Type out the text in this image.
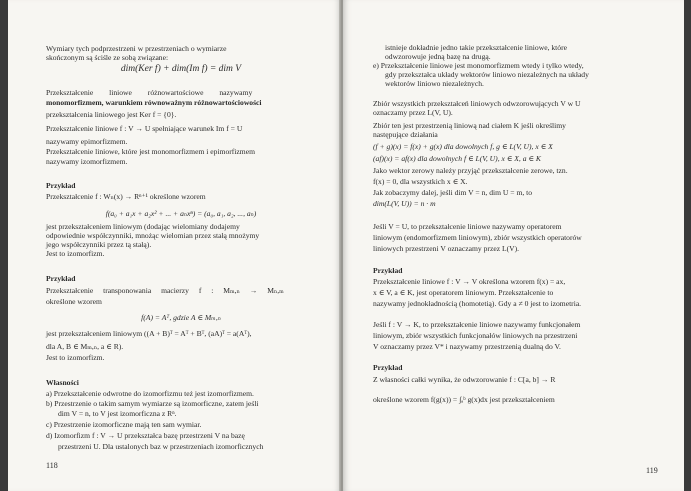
Wymiary tych podprzestrzeni w przestrzeniach o wymiarze
skończonym są ściśle ze sobą związane:
dim(Ker f) + dim(Im f) = dim V
Przekształcenie liniowe różnowartościowe nazywamy
monomorfizmem, warunkiem równoważnym różnowartościowości
przekształcenia liniowego jest Ker f = {0}.
Przekształcenie liniowe f : V → U spełniające warunek Im f = U
nazywamy epimorfizmem.
Przekształcenie liniowe, które jest monomorfizmem i epimorfizmem
nazywamy izomorfizmem.
Przykład
Przekształcenie f : Wₙ(x) → Rⁿ⁺¹ określone wzorem
f(a₀ + a₁x + a₂x² + ... + aₙxⁿ) = (a₀, a₁, a₂, ..., aₙ)
jest przekształceniem liniowym (dodając wielomiany dodajemy
odpowiednie współczynniki, mnożąc wielomian przez stałą mnożymy
jego współczynniki przez tą stałą).
Jest to izomorfizm.
Przykład
Przekształcenie transponowania macierzy f : Mₘ,ₙ → Mₙ,ₘ
określone wzorem
f(A) = Aᵀ, gdzie A ∈ Mₘ,ₙ
jest przekształceniem liniowym ((A + B)ᵀ = Aᵀ + Bᵀ, (aA)ᵀ = a(Aᵀ),
dla A, B ∈ Mₘ,ₙ, a ∈ R).
Jest to izomorfizm.
Własności
a) Przekształcenie odwrotne do izomorfizmu też jest izomorfizmem.
b) Przestrzenie o takim samym wymiarze są izomorficzne, zatem jeśli
dim V = n, to V jest izomorficzna z Rⁿ.
c) Przestrzenie izomorficzne mają ten sam wymiar.
d) Izomorfizm f : V → U przekształca bazę przestrzeni V na bazę
przestrzeni U. Dla ustalonych baz w przestrzeniach izomorficznych
118
istnieje dokładnie jedno takie przekształcenie liniowe, które
odwzorowuje jedną bazę na drugą.
e) Przekształcenie liniowe jest monomorfizmem wtedy i tylko wtedy,
gdy przekształca układy wektorów liniowo niezależnych na układy
wektorów liniowo niezależnych.
Zbiór wszystkich przekształceń liniowych odwzorowujących V w U
oznaczamy przez L(V, U).
Zbiór ten jest przestrzenią liniową nad ciałem K jeśli określimy
następujące działania
(f + g)(x) = f(x) + g(x) dla dowolnych f, g ∈ L(V, U), x ∈ X
(af)(x) = af(x) dla dowolnych f ∈ L(V, U), x ∈ X, a ∈ K
Jako wektor zerowy należy przyjąć przekształcenie zerowe, tzn.
f(x) = 0, dla wszystkich x ∈ X.
Jak zobaczymy dalej, jeśli dim V = n, dim U = m, to
dim(L(V, U)) = n · m
Jeśli V = U, to przekształcenie liniowe nazywamy operatorem
liniowym (endomorfizmem liniowym), zbiór wszystkich operatorów
liniowych przestrzeni V oznaczamy przez L(V).
Przykład
Przekształcenie liniowe f : V → V określona wzorem f(x) = ax,
x ∈ V, a ∈ K, jest operatorem liniowym. Przekształcenie to
nazywamy jednokładnością (homotetią). Gdy a ≠ 0 jest to izometria.
Jeśli f : V → K, to przekształcenie liniowe nazywamy funkcjonałem
liniowym, zbiór wszystkich funkcjonałów liniowych na przestrzeni
V oznaczamy przez V* i nazywamy przestrzenią dualną do V.
Przykład
Z własności całki wynika, że odwzorowanie f : C[a, b] → R
określone wzorem f(g(x)) = ∫ₐᵇ g(x)dx jest przekształceniem
119
